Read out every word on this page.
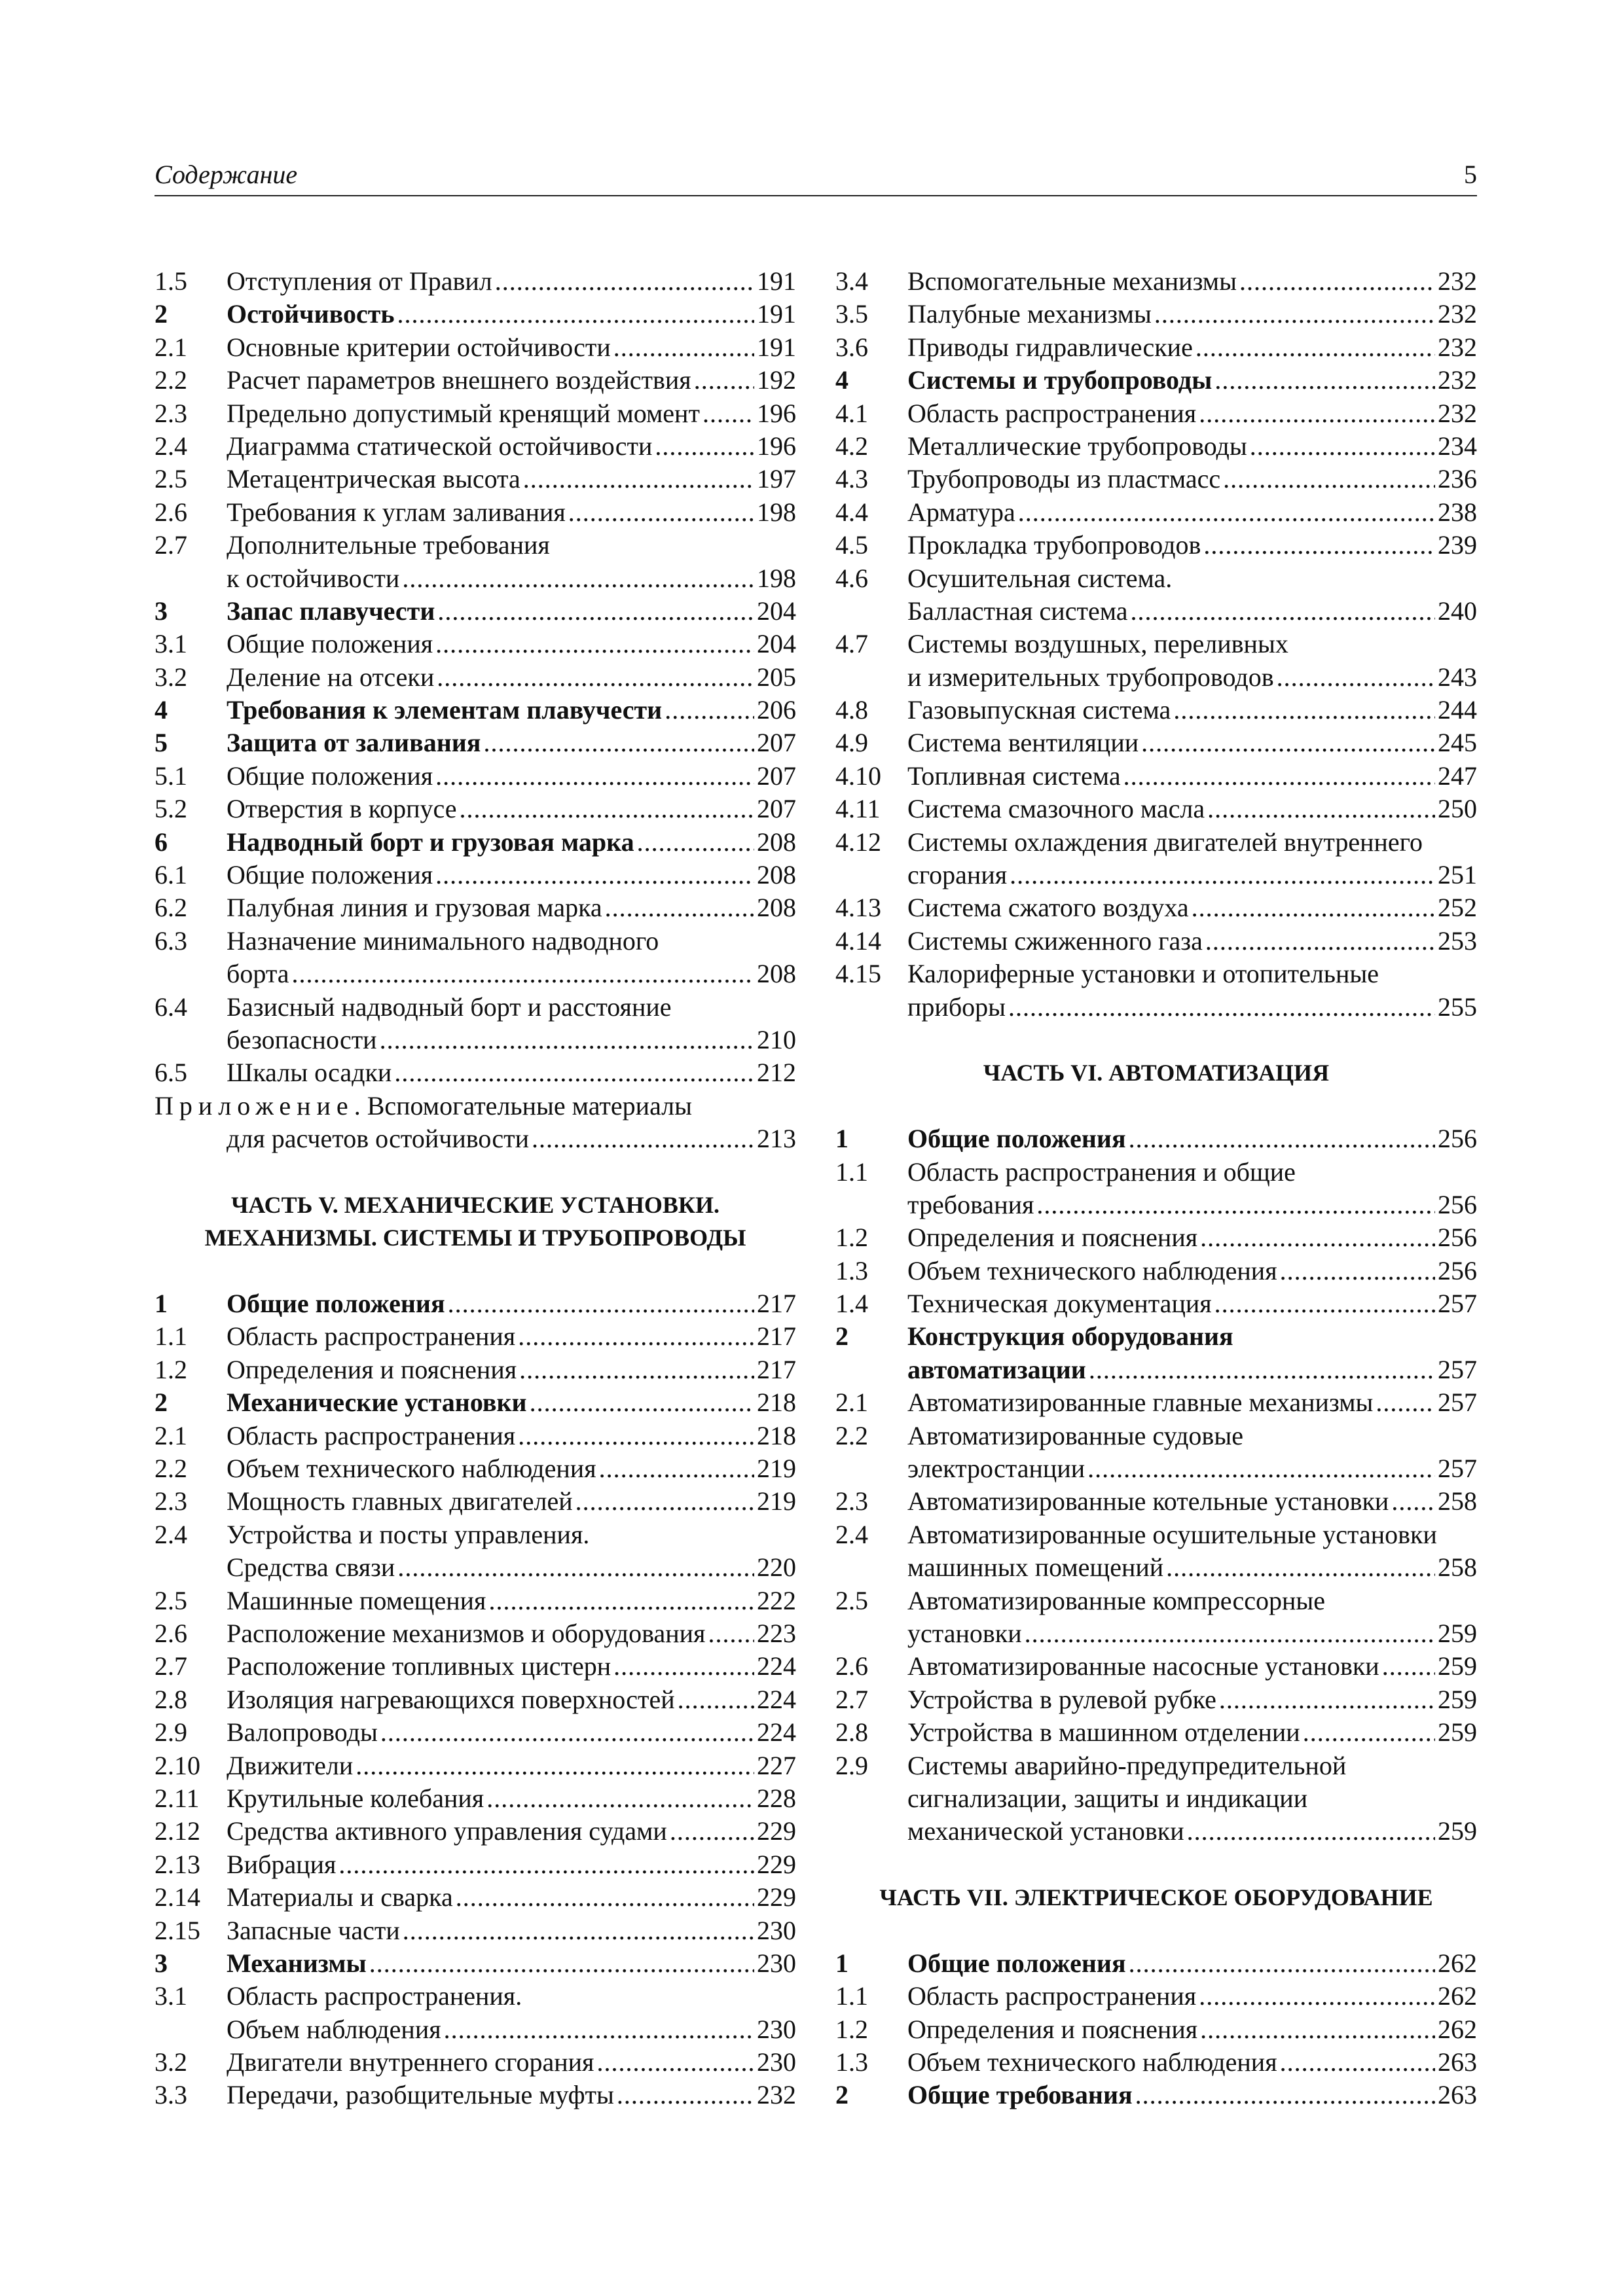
Содержание	5
1.5	Отступления от Правил .....	191
2	Остойчивость .....	191
2.1	Основные критерии остойчивости .....	191
2.2	Расчет параметров внешнего воздействия .....	192
2.3	Предельно допустимый кренящий момент ..... 196
2.4	Диаграмма статической остойчивости .....	196
2.5	Метацентрическая высота .....	197
2.6	Требования к углам заливания .....	198
2.7	Дополнительные требования
к остойчивости .....	198
3	Запас плавучести .....	204
3.1	Общие положения .....	204
3.2	Деление на отсеки .....	205
4	Требования к элементам плавучести .....	206
5	Защита от заливания .....	207
5.1	Общие положения .....	207
5.2	Отверстия в корпусе .....	207
6	Надводный борт и грузовая марка .....	208
6.1	Общие положения .....	208
6.2	Палубная линия и грузовая марка .....	208
6.3	Назначение минимального надводного
борта .....	208
6.4	Базисный надводный борт и расстояние
безопасности .....	210
6.5	Шкалы осадки .....	212
Приложение . Вспомогательные материалы
для расчетов остойчивости .....	213
ЧАСТЬ V. МЕХАНИЧЕСКИЕ УСТАНОВКИ.
МЕХАНИЗМЫ. СИСТЕМЫ И ТРУБОПРОВОДЫ
1	Общие положения .....	217
1.1	Область распространения .....	217
1.2	Определения и пояснения .....	217
2	Механические установки .....	218
2.1	Область распространения .....	218
2.2	Объем технического наблюдения .....	219
2.3	Мощность главных двигателей .....	219
2.4	Устройства и посты управления.
Средства связи .....	220
2.5	Машинные помещения .....	222
2.6	Расположение механизмов и оборудования ..... 223
2.7	Расположение топливных цистерн .....	224
2.8	Изоляция нагревающихся поверхностей .....	224
2.9	Валопроводы .....	224
2.10	Движители .....	227
2.11	Крутильные колебания .....	228
2.12	Средства активного управления судами .....	229
2.13	Вибрация .....	229
2.14	Материалы и сварка .....	229
2.15	Запасные части .....	230
3	Механизмы .....	230
3.1	Область распространения.
Объем наблюдения .....	230
3.2	Двигатели внутреннего сгорания .....	230
3.3	Передачи, разобщительные муфты .....	232
3.4	Вспомогательные механизмы .....	232
3.5	Палубные механизмы .....	232
3.6	Приводы гидравлические .....	232
4	Системы и трубопроводы .....	232
4.1	Область распространения .....	232
4.2	Металлические трубопроводы .....	234
4.3	Трубопроводы из пластмасс .....	236
4.4	Арматура .....	238
4.5	Прокладка трубопроводов .....	239
4.6	Осушительная система.
Балластная система .....	240
4.7	Системы воздушных, переливных
и измерительных трубопроводов .....	243
4.8	Газовыпускная система .....	244
4.9	Система вентиляции .....	245
4.10	Топливная система .....	247
4.11	Система смазочного масла .....	250
4.12	Системы охлаждения двигателей внутреннего
сгорания .....	251
4.13	Система сжатого воздуха .....	252
4.14	Системы сжиженного газа .....	253
4.15	Калориферные установки и отопительные
приборы .....	255
ЧАСТЬ VI. АВТОМАТИЗАЦИЯ
1	Общие положения .....	256
1.1	Область распространения и общие
требования .....	256
1.2	Определения и пояснения .....	256
1.3	Объем технического наблюдения .....	256
1.4	Техническая документация .....	257
2	Конструкция оборудования
автоматизации .....	257
2.1	Автоматизированные главные механизмы ..... 257
2.2	Автоматизированные судовые
электростанции .....	257
2.3	Автоматизированные котельные установки ..... 258
2.4	Автоматизированные осушительные установки
машинных помещений .....	258
2.5	Автоматизированные компрессорные
установки .....	259
2.6	Автоматизированные насосные установки ..... 259
2.7	Устройства в рулевой рубке .....	259
2.8	Устройства в машинном отделении .....	259
2.9	Системы аварийно-предупредительной
сигнализации, защиты и индикации
механической установки .....	259
ЧАСТЬ VII. ЭЛЕКТРИЧЕСКОЕ ОБОРУДОВАНИЕ
1	Общие положения .....	262
1.1	Область распространения .....	262
1.2	Определения и пояснения .....	262
1.3	Объем технического наблюдения .....	263
2	Общие требования .....	263
